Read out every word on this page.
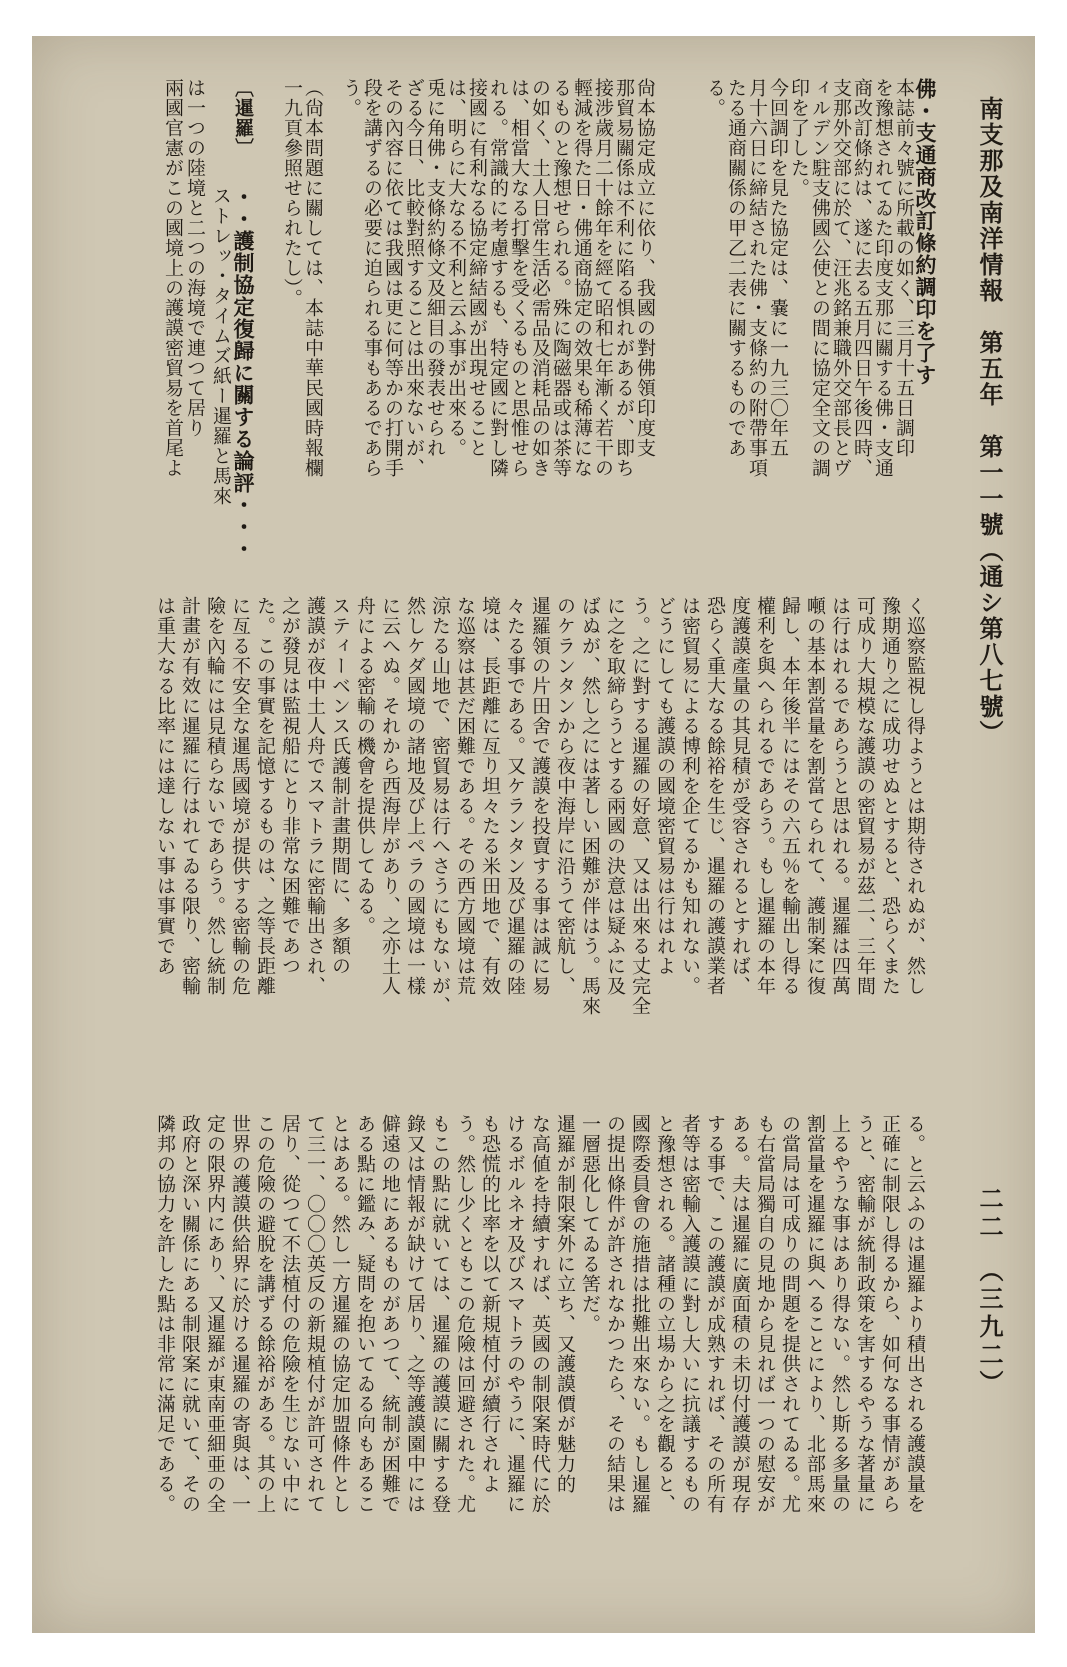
南支那及南洋情報　第五年　第一一號（通シ第八七號）
二二　（三九二）
佛・支通商改訂條約調印を了す
本誌前々號に所載の如く、三月十五日調印
を豫想されてゐた印度支那に關する佛・支通
商改訂條約は、遂に去る五月四日午後四時、
支那外交部に於て、汪兆銘兼職外交部長とヴ
ィルデン駐支佛國公使との間に協定全文の調
印を了した。
今回調印を見た協定は、嚢に一九三〇年五
月十六日に締結された佛・支條約の附帶事項
たる通商關係の甲乙二表に關するものであ
る。
尙本協定成立に依り、我國の對佛領印度支
那貿易關係は不利に陷る惧れがあるが、即ち
接涉歲月二十餘年を經て昭和七年漸く若干の
輕減を得た日・佛通商協定の效果も稀薄にな
るものと豫想せられる。殊に陶磁器或は茶等
の如く、土人日常生活必需品及消耗品の如き
は、相當大なる打擊を受くるものと思惟せら
れる。常識的に考慮するも、特定國に對し隣
接國に有利なる協定締結國が出現せること
は、明らに大なる不利と云ふ事が出來る。
兎に角佛・支條約條文及細目の發表せられ
ざる今日、比較對照することは出來ないが、
その內容に依ては我國は更に何等かの打開手
段を講ずるの必要に迫られる事もあるであら
う。
（尙本問題に關しては、本誌中華民國時報欄
一九頁參照せられたし）。
〔暹羅〕
・・護制協定復歸に關する論評・・・
ストレッ・タイムズ紙ー暹羅と馬來
は一つの陸境と二つの海境で連つて居り
兩國官憲がこの國境上の護謨密貿易を首尾よ
く巡察監視し得ようとは期待されぬが、然し
豫期通り之に成功せぬとすると、恐らくまた
可成り大規模な護謨の密貿易が茲二、三年間
は行はれるであらうと思はれる。暹羅は四萬
噸の基本割當量を割當てられて、護制案に復
歸し、本年後半にはその六五％を輸出し得る
權利を與へられるであらう。もし暹羅の本年
度護謨產量の其見積が受容されるとすれば、
恐らく重大なる餘裕を生じ、暹羅の護謨業者
は密貿易による博利を企てるかも知れない。
どうにしても護謨の國境密貿易は行はれよ
う。之に對する暹羅の好意、又は出來る丈完全
に之を取締らうとする兩國の決意は疑ふに及
ばぬが、然し之には著しい困難が伴はう。馬來
のケランタンから夜中海岸に沿うて密航し、
暹羅領の片田舍で護謨を投賣する事は誠に易
々たる事である。又ケランタン及び暹羅の陸
境は、長距離に亙り坦々たる米田地で、有效
な巡察は甚だ困難である。その西方國境は荒
涼たる山地で、密貿易は行へさうにもないが、
然しケダ國境の諸地及び上ペラの國境は一樣
に云へぬ。それから西海岸があり、之亦土人
舟による密輸の機會を提供してゐる。
スティーベンス氏護制計畫期間に、多額の
護謨が夜中土人舟でスマトラに密輸出され、
之が發見は監視船にとり非常な困難であつ
た。この事實を記憶するものは、之等長距離
に亙る不安全な暹馬國境が提供する密輸の危
險を內輪には見積らないであらう。然し統制
計畫が有效に暹羅に行はれてゐる限り、密輸
は重大なる比率には達しない事は事實であ
る。と云ふのは暹羅より積出される護謨量を
正確に制限し得るから、如何なる事情があら
うと、密輸が統制政策を害するやうな著量に
上るやうな事はあり得ない。然し斯る多量の
割當量を暹羅に與へることにより、北部馬來
の當局は可成りの問題を提供されてゐる。尤
も右當局獨自の見地から見れば一つの慰安が
ある。夫は暹羅に廣面積の未切付護謨が現存
する事で、この護謨が成熟すれば、その所有
者等は密輸入護謨に對し大いに抗議するもの
と豫想される。諸種の立場から之を觀ると、
國際委員會の施措は批難出來ない。もし暹羅
の提出條件が許されなかつたら、その結果は
一層惡化してゐる筈だ。
暹羅が制限案外に立ち、又護謨價が魅力的
な高値を持續すれば、英國の制限案時代に於
けるボルネオ及びスマトラのやうに、暹羅に
も恐慌的比率を以て新規植付が續行されよ
う。然し少くともこの危險は回避された。尤
もこの點に就いては、暹羅の護謨に關する登
錄又は情報が缺けて居り、之等護謨園中には
僻遠の地にあるものがあつて、統制が困難で
ある點に鑑み、疑問を抱いてゐる向もあるこ
とはある。然し一方暹羅の協定加盟條件とし
て三一、〇〇〇英反の新規植付が許可されて
居り、從つて不法植付の危險を生じない中に
この危險の避脫を講ずる餘裕がある。其の上
世界の護謨供給界に於ける暹羅の寄與は、一
定の限界内にあり、又暹羅が東南亜細亜の全
政府と深い關係にある制限案に就いて、その
隣邦の協力を許した點は非常に滿足である。
